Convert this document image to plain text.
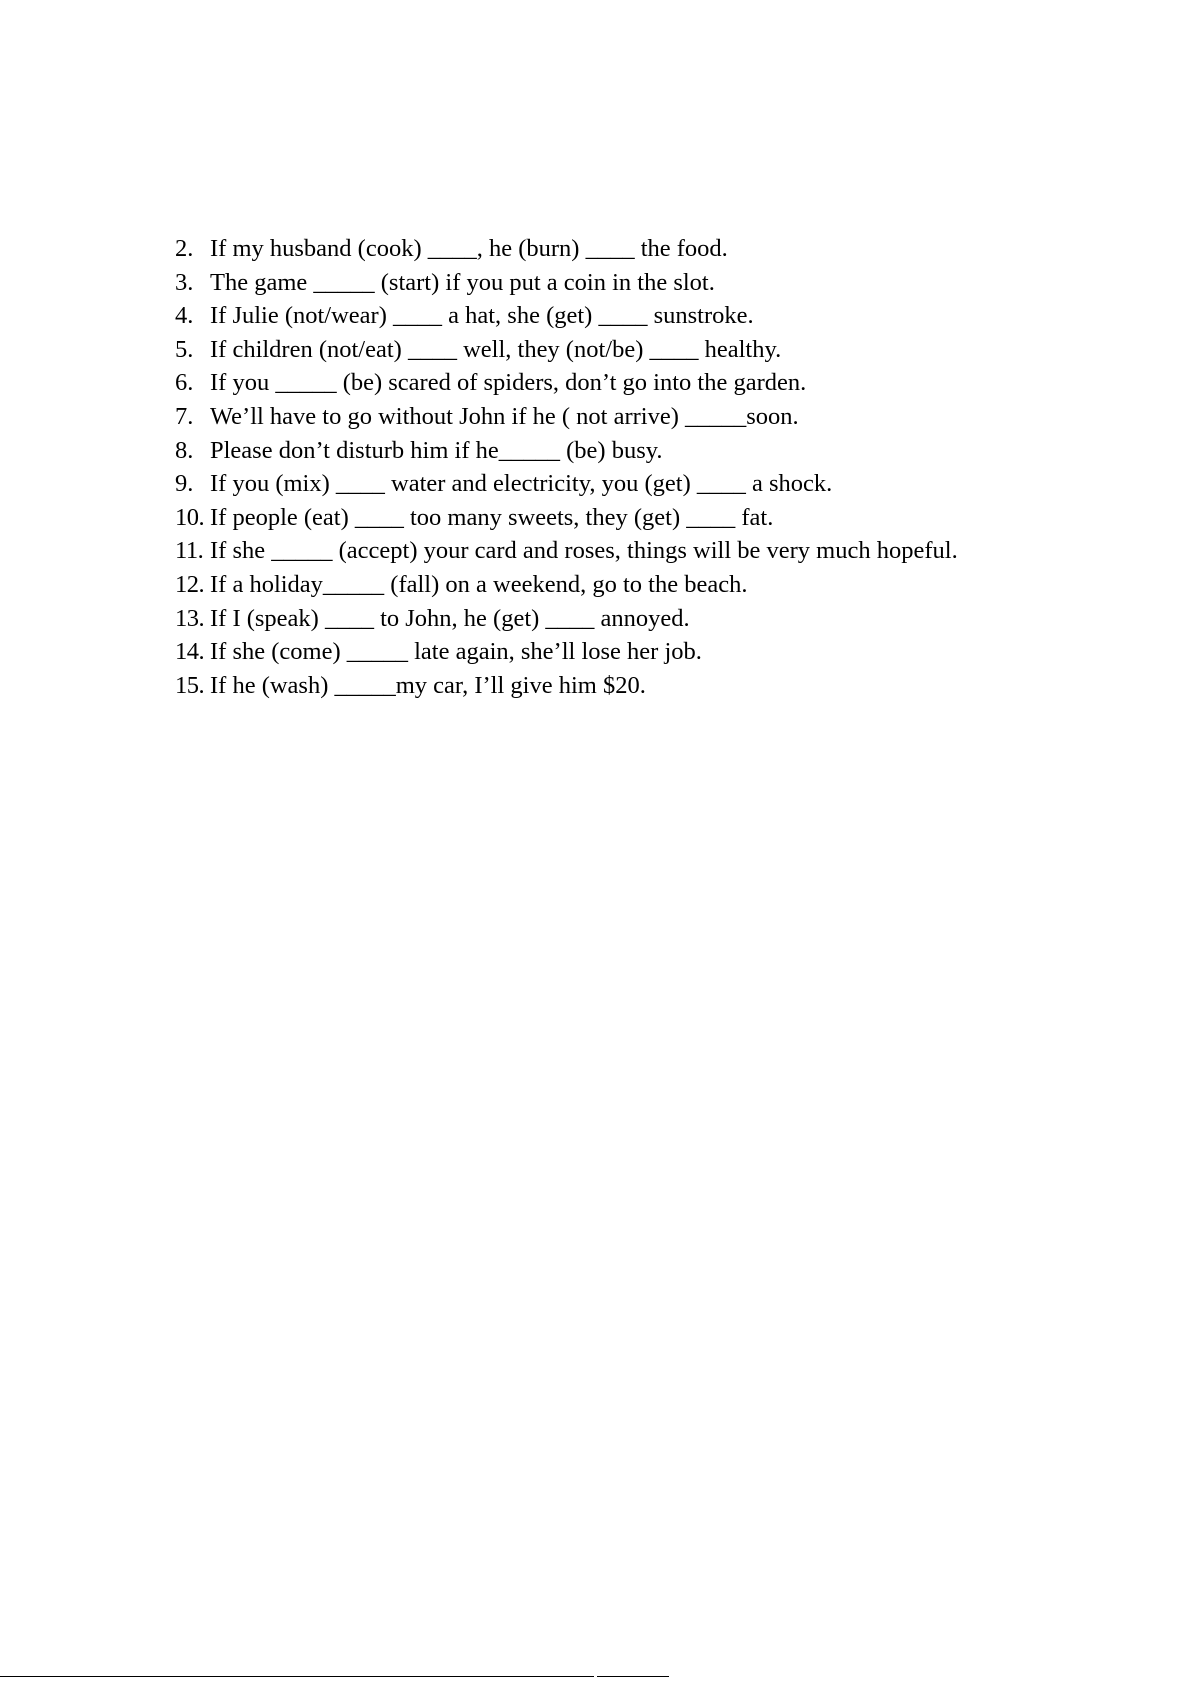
2. If my husband (cook) ____, he (burn) ____ the food.
3. The game _____ (start) if you put a coin in the slot.
4. If Julie (not/wear) ____ a hat, she (get) ____ sunstroke.
5. If children (not/eat) ____ well, they (not/be) ____ healthy.
6. If you _____ (be) scared of spiders, don’t go into the garden.
7. We’ll have to go without John if he ( not arrive) _____soon.
8. Please don’t disturb him if he_____ (be) busy.
9. If you (mix) ____ water and electricity, you (get) ____ a shock.
10. If people (eat) ____ too many sweets, they (get) ____ fat.
11. If she _____ (accept) your card and roses, things will be very much hopeful.
12. If a holiday_____ (fall) on a weekend, go to the beach.
13. If I (speak) ____ to John, he (get) ____ annoyed.
14. If she (come) _____ late again, she’ll lose her job.
15. If he (wash) _____my car, I’ll give him $20.
